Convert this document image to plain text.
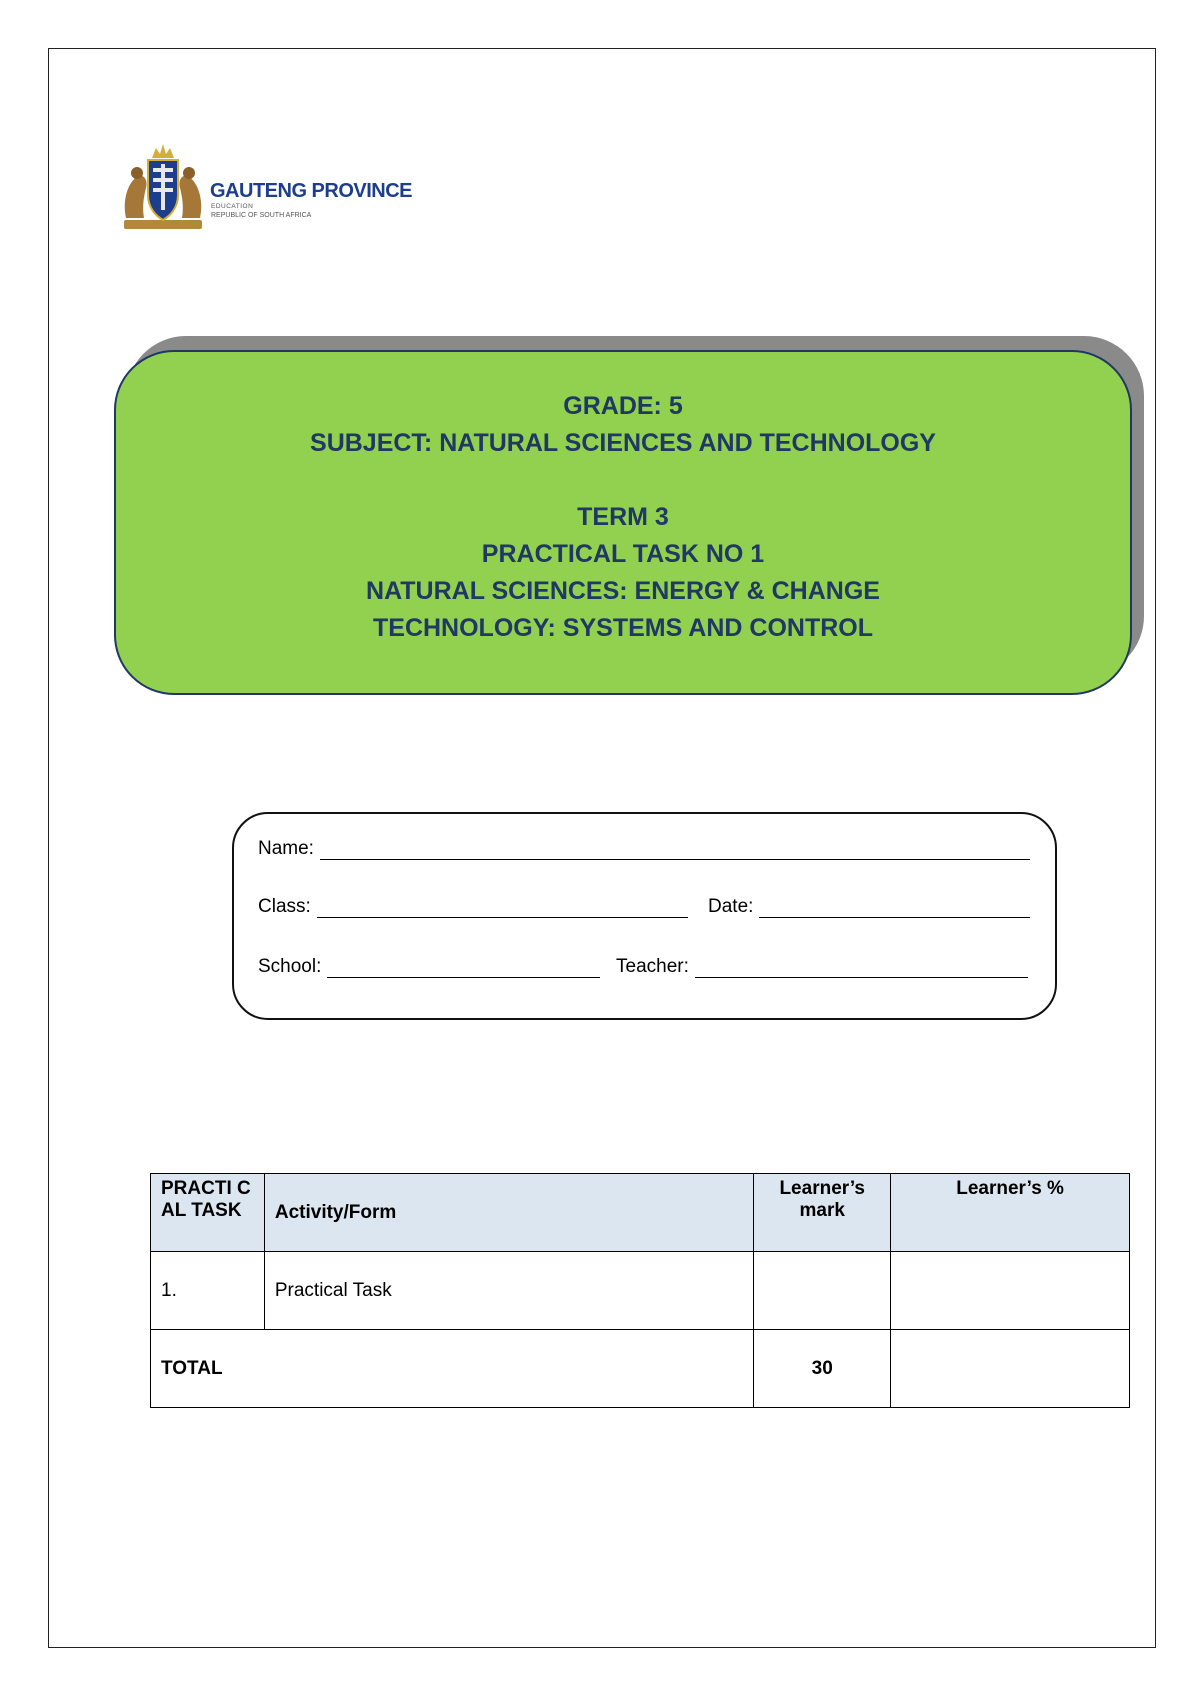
GAUTENG PROVINCE
EDUCATION
REPUBLIC OF SOUTH AFRICA
GRADE: 5
SUBJECT: NATURAL SCIENCES AND TECHNOLOGY
TERM 3
PRACTICAL TASK NO 1
NATURAL SCIENCES: ENERGY & CHANGE
TECHNOLOGY: SYSTEMS AND CONTROL
Name:
Class:	Date:
School:	Teacher:
PRACTI CAL TASK	Activity/Form	Learner’s mark	Learner’s %
1.	Practical Task		
TOTAL		30	
